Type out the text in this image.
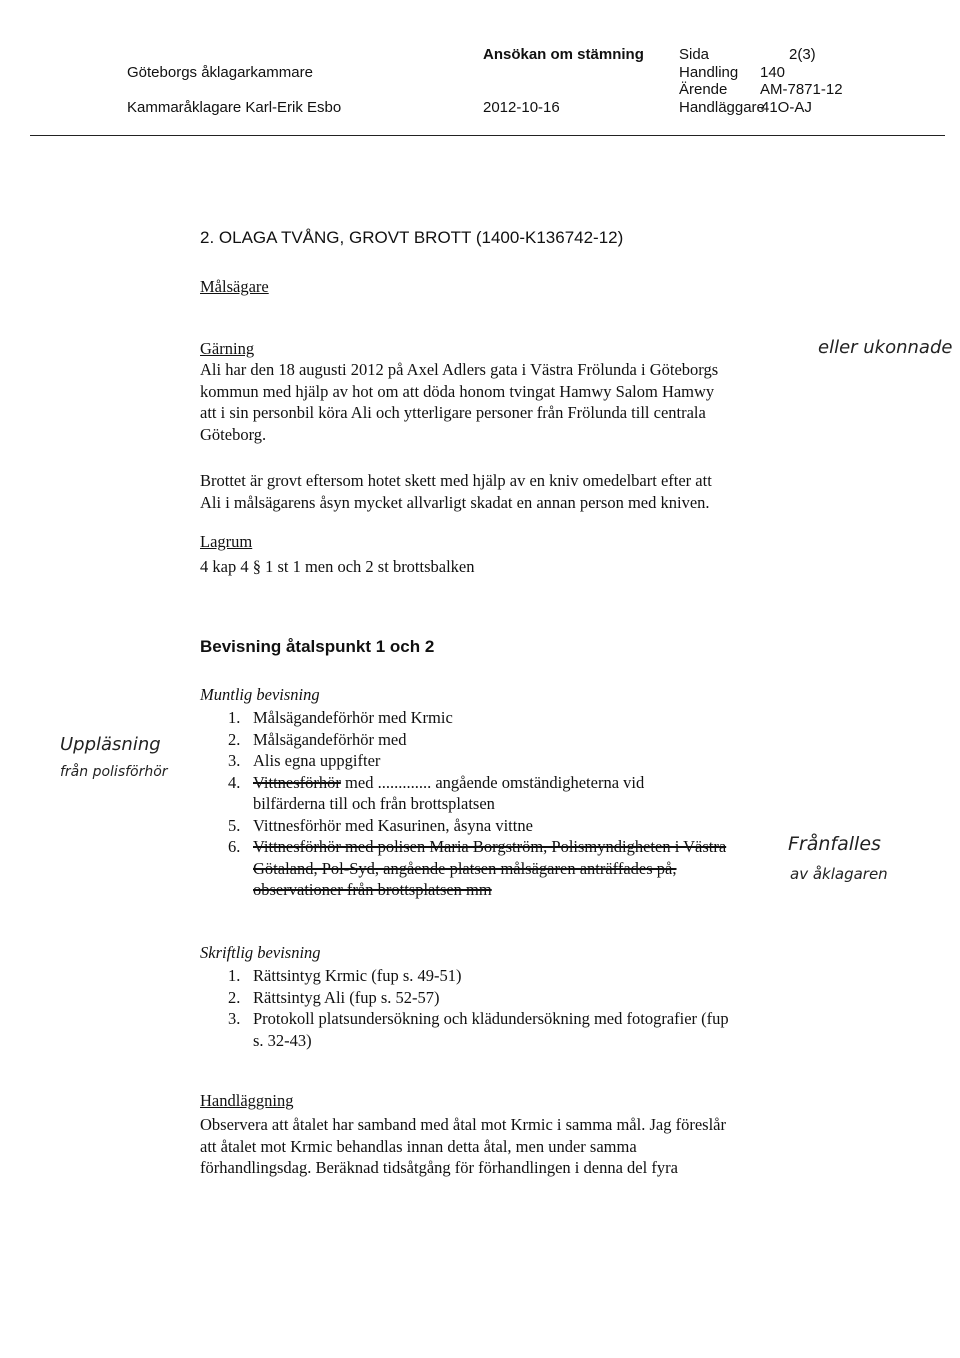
Göteborgs åklagarkammare
Kammaråklagare Karl-Erik Esbo
Ansökan om stämning
2012-10-16
Sida	2(3)
Handling 140
Ärende AM-7871-12
Handläggare
41O-AJ
2. OLAGA TVÅNG, GROVT BROTT (1400-K136742-12)
Målsägare
Gärning
Ali har den 18 augusti 2012 på Axel Adlers gata i Västra Frölunda i Göteborgs
kommun med hjälp av hot om att döda honom tvingat Hamwy Salom Hamwy
att i sin personbil köra Ali och ytterligare personer från Frölunda till centrala
Göteborg.
Brottet är grovt eftersom hotet skett med hjälp av en kniv omedelbart efter att
Ali i målsägarens åsyn mycket allvarligt skadat en annan person med kniven.
Lagrum
4 kap 4 § 1 st 1 men och 2 st brottsbalken
Bevisning åtalspunkt 1 och 2
Muntlig bevisning
1. Målsägandeförhör med Krmic
2. Målsägandeförhör med
3. Alis egna uppgifter
4. Vittnesförhör med ............. angående omständigheterna vid
bilfärderna till och från brottsplatsen
5. Vittnesförhör med Kasurinen, åsyna vittne
6. Vittnesförhör med polisen Maria Borgström, Polismyndigheten i Västra
Götaland, Pol-Syd, angående platsen målsägaren anträffades på,
observationer från brottsplatsen mm
Skriftlig bevisning
1. Rättsintyg Krmic (fup s. 49-51)
2. Rättsintyg Ali (fup s. 52-57)
3. Protokoll platsundersökning och klädundersökning med fotografier (fup
s. 32-43)
Handläggning
Observera att åtalet har samband med åtal mot Krmic i samma mål. Jag föreslår
att åtalet mot Krmic behandlas innan detta åtal, men under samma
förhandlingsdag. Beräknad tidsåtgång för förhandlingen i denna del fyra
eller ukonnade
Uppläsning
från polisförhör
Frånfalles
av åklagaren
